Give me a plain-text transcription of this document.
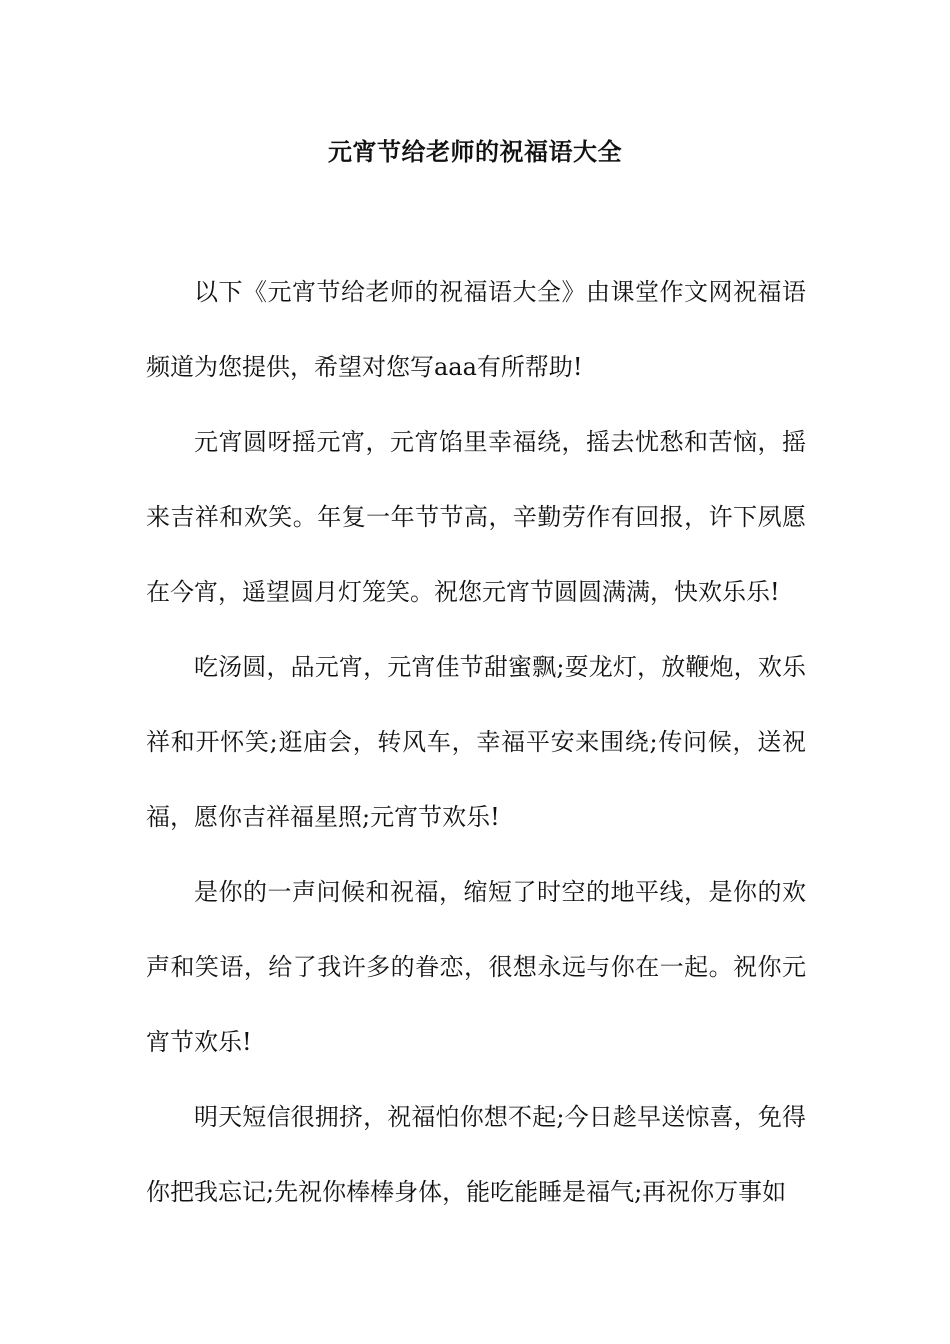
元宵节给老师的祝福语大全

以下《元宵节给老师的祝福语大全》由课堂作文网祝福语频道为您提供，希望对您写aaa有所帮助!

元宵圆呀摇元宵，元宵馅里幸福绕，摇去忧愁和苦恼，摇来吉祥和欢笑。年复一年节节高，辛勤劳作有回报，许下夙愿在今宵，遥望圆月灯笼笑。祝您元宵节圆圆满满，快欢乐乐!

吃汤圆，品元宵，元宵佳节甜蜜飘;耍龙灯，放鞭炮，欢乐祥和开怀笑;逛庙会，转风车，幸福平安来围绕;传问候，送祝福，愿你吉祥福星照;元宵节欢乐!

是你的一声问候和祝福，缩短了时空的地平线，是你的欢声和笑语，给了我许多的眷恋，很想永远与你在一起。祝你元宵节欢乐!

明天短信很拥挤，祝福怕你想不起;今日趁早送惊喜，免得你把我忘记;先祝你棒棒身体，能吃能睡是福气;再祝你万事如
